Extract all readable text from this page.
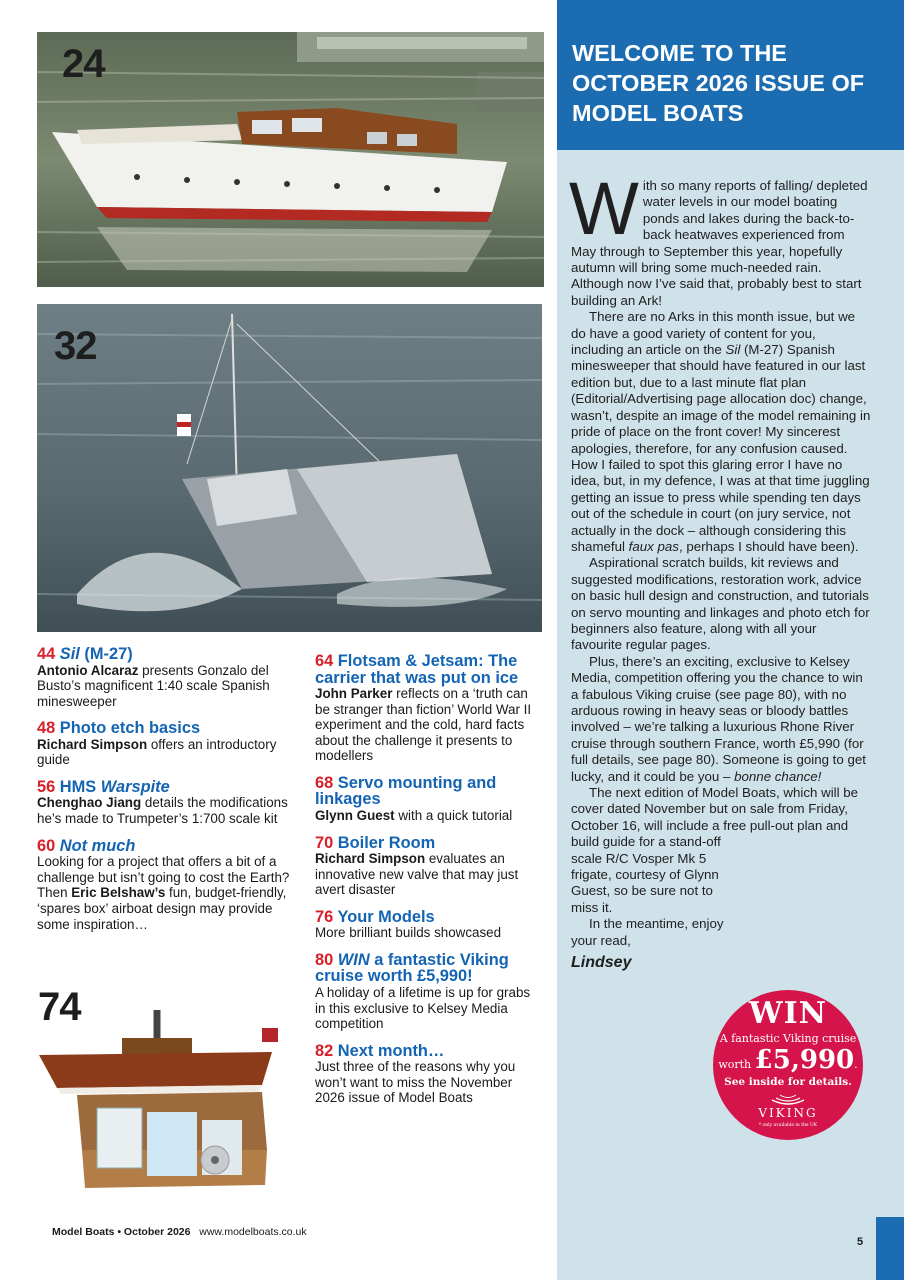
24
32
74
44 Sil (M-27)

Antonio Alcaraz presents Gonzalo del Busto’s magnificent 1:40 scale Spanish minesweeper

48 Photo etch basics

Richard Simpson offers an introductory guide

56 HMS Warspite

Chenghao Jiang details the modifications he’s made to Trumpeter’s 1:700 scale kit

60 Not much

Looking for a project that offers a bit of a challenge but isn’t going to cost the Earth? Then Eric Belshaw’s fun, budget-friendly, ‘spares box’ airboat design may provide some inspiration…

64 Flotsam & Jetsam: The carrier that was put on ice

John Parker reflects on a ‘truth can be stranger than fiction’ World War II experiment and the cold, hard facts about the challenge it presents to modellers

68 Servo mounting and linkages

Glynn Guest with a quick tutorial

70 Boiler Room

Richard Simpson evaluates an innovative new valve that may just avert disaster

76 Your Models

More brilliant builds showcased

80 WIN a fantastic Viking cruise worth £5,990!

A holiday of a lifetime is up for grabs in this exclusive to Kelsey Media competition

82 Next month…

Just three of the reasons why you won’t want to miss the November 2026 issue of Model Boats

WELCOME TO THE OCTOBER 2026 ISSUE OF MODEL BOATS

With so many reports of falling/ depleted water levels in our model boating ponds and lakes during the back-to-back heatwaves experienced from May through to September this year, hopefully autumn will bring some much-needed rain. Although now I’ve said that, probably best to start building an Ark!

There are no Arks in this month issue, but we do have a good variety of content for you, including an article on the Sil (M-27) Spanish minesweeper that should have featured in our last edition but, due to a last minute flat plan (Editorial/Advertising page allocation doc) change, wasn’t, despite an image of the model remaining in pride of place on the front cover! My sincerest apologies, therefore, for any confusion caused. How I failed to spot this glaring error I have no idea, but, in my defence, I was at that time juggling getting an issue to press while spending ten days out of the schedule in court (on jury service, not actually in the dock – although considering this shameful faux pas, perhaps I should have been).

Aspirational scratch builds, kit reviews and suggested modifications, restoration work, advice on basic hull design and construction, and tutorials on servo mounting and linkages and photo etch for beginners also feature, along with all your favourite regular pages.

Plus, there’s an exciting, exclusive to Kelsey Media, competition offering you the chance to win a fabulous Viking cruise (see page 80), with no arduous rowing in heavy seas or bloody battles involved – we’re talking a luxurious Rhone River cruise through southern France, worth £5,990 (for full details, see page 80). Someone is going to get lucky, and it could be you – bonne chance!

The next edition of Model Boats, which will be cover dated November but on sale from Friday, October 16, will include a free pull-out
plan and build guide for a stand-off scale R/C Vosper Mk 5 frigate, courtesy of Glynn Guest, so be sure not to miss it.

In the meantime, enjoy your read,

Lindsey
WIN
A fantastic Viking cruise
worth £5,990.
See inside for details.
VIKING
* only available in the UK
Model Boats • October 2026 www.modelboats.co.uk
5
